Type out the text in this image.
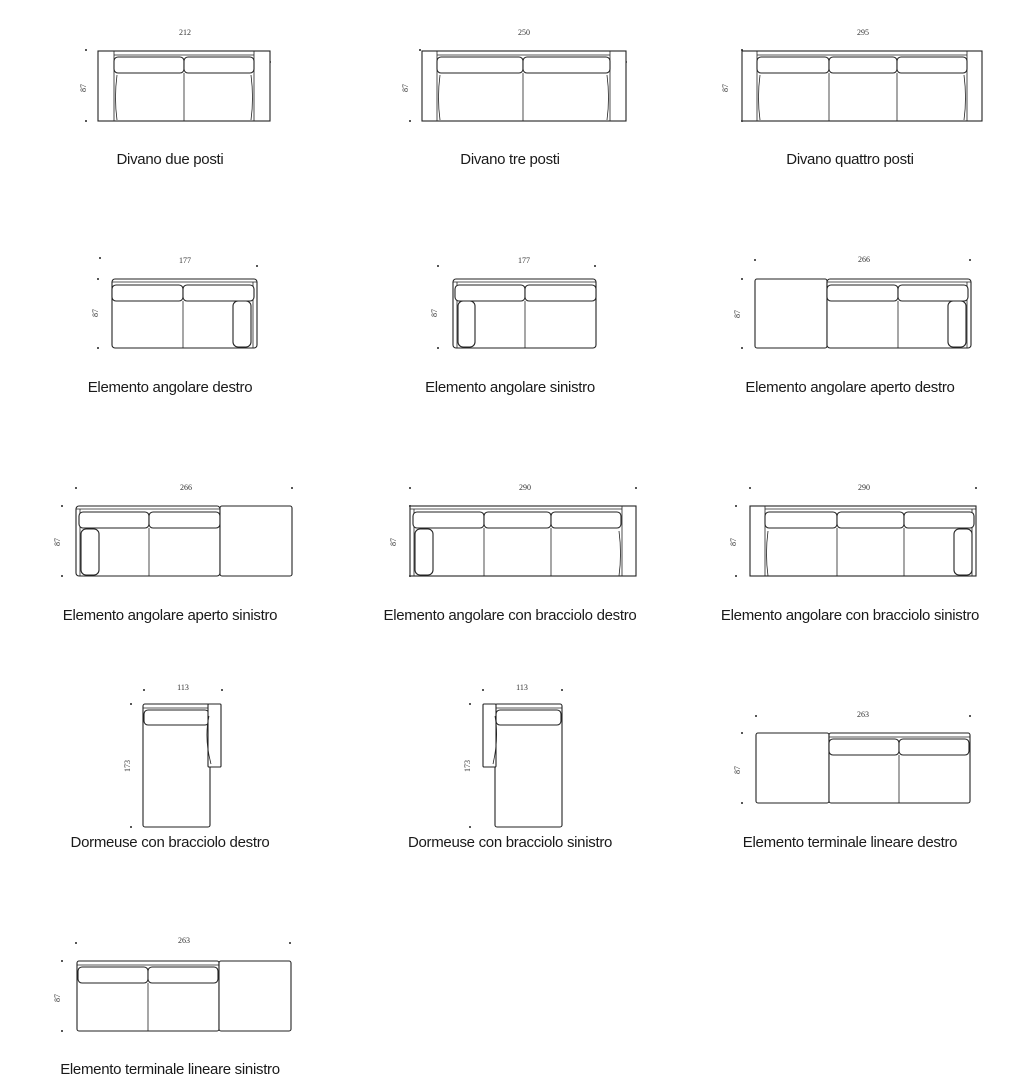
212
87
Divano due posti
250
87
Divano tre posti
295
87
Divano quattro posti
177
87
Elemento angolare destro
177
87
Elemento angolare sinistro
266
87
Elemento angolare aperto destro
266
87
Elemento angolare aperto sinistro
290
87
Elemento angolare con bracciolo destro
290
87
Elemento angolare con bracciolo sinistro
113
173
Dormeuse con bracciolo destro
113
173
Dormeuse con bracciolo sinistro
263
87
Elemento terminale lineare destro
263
87
Elemento terminale lineare sinistro
